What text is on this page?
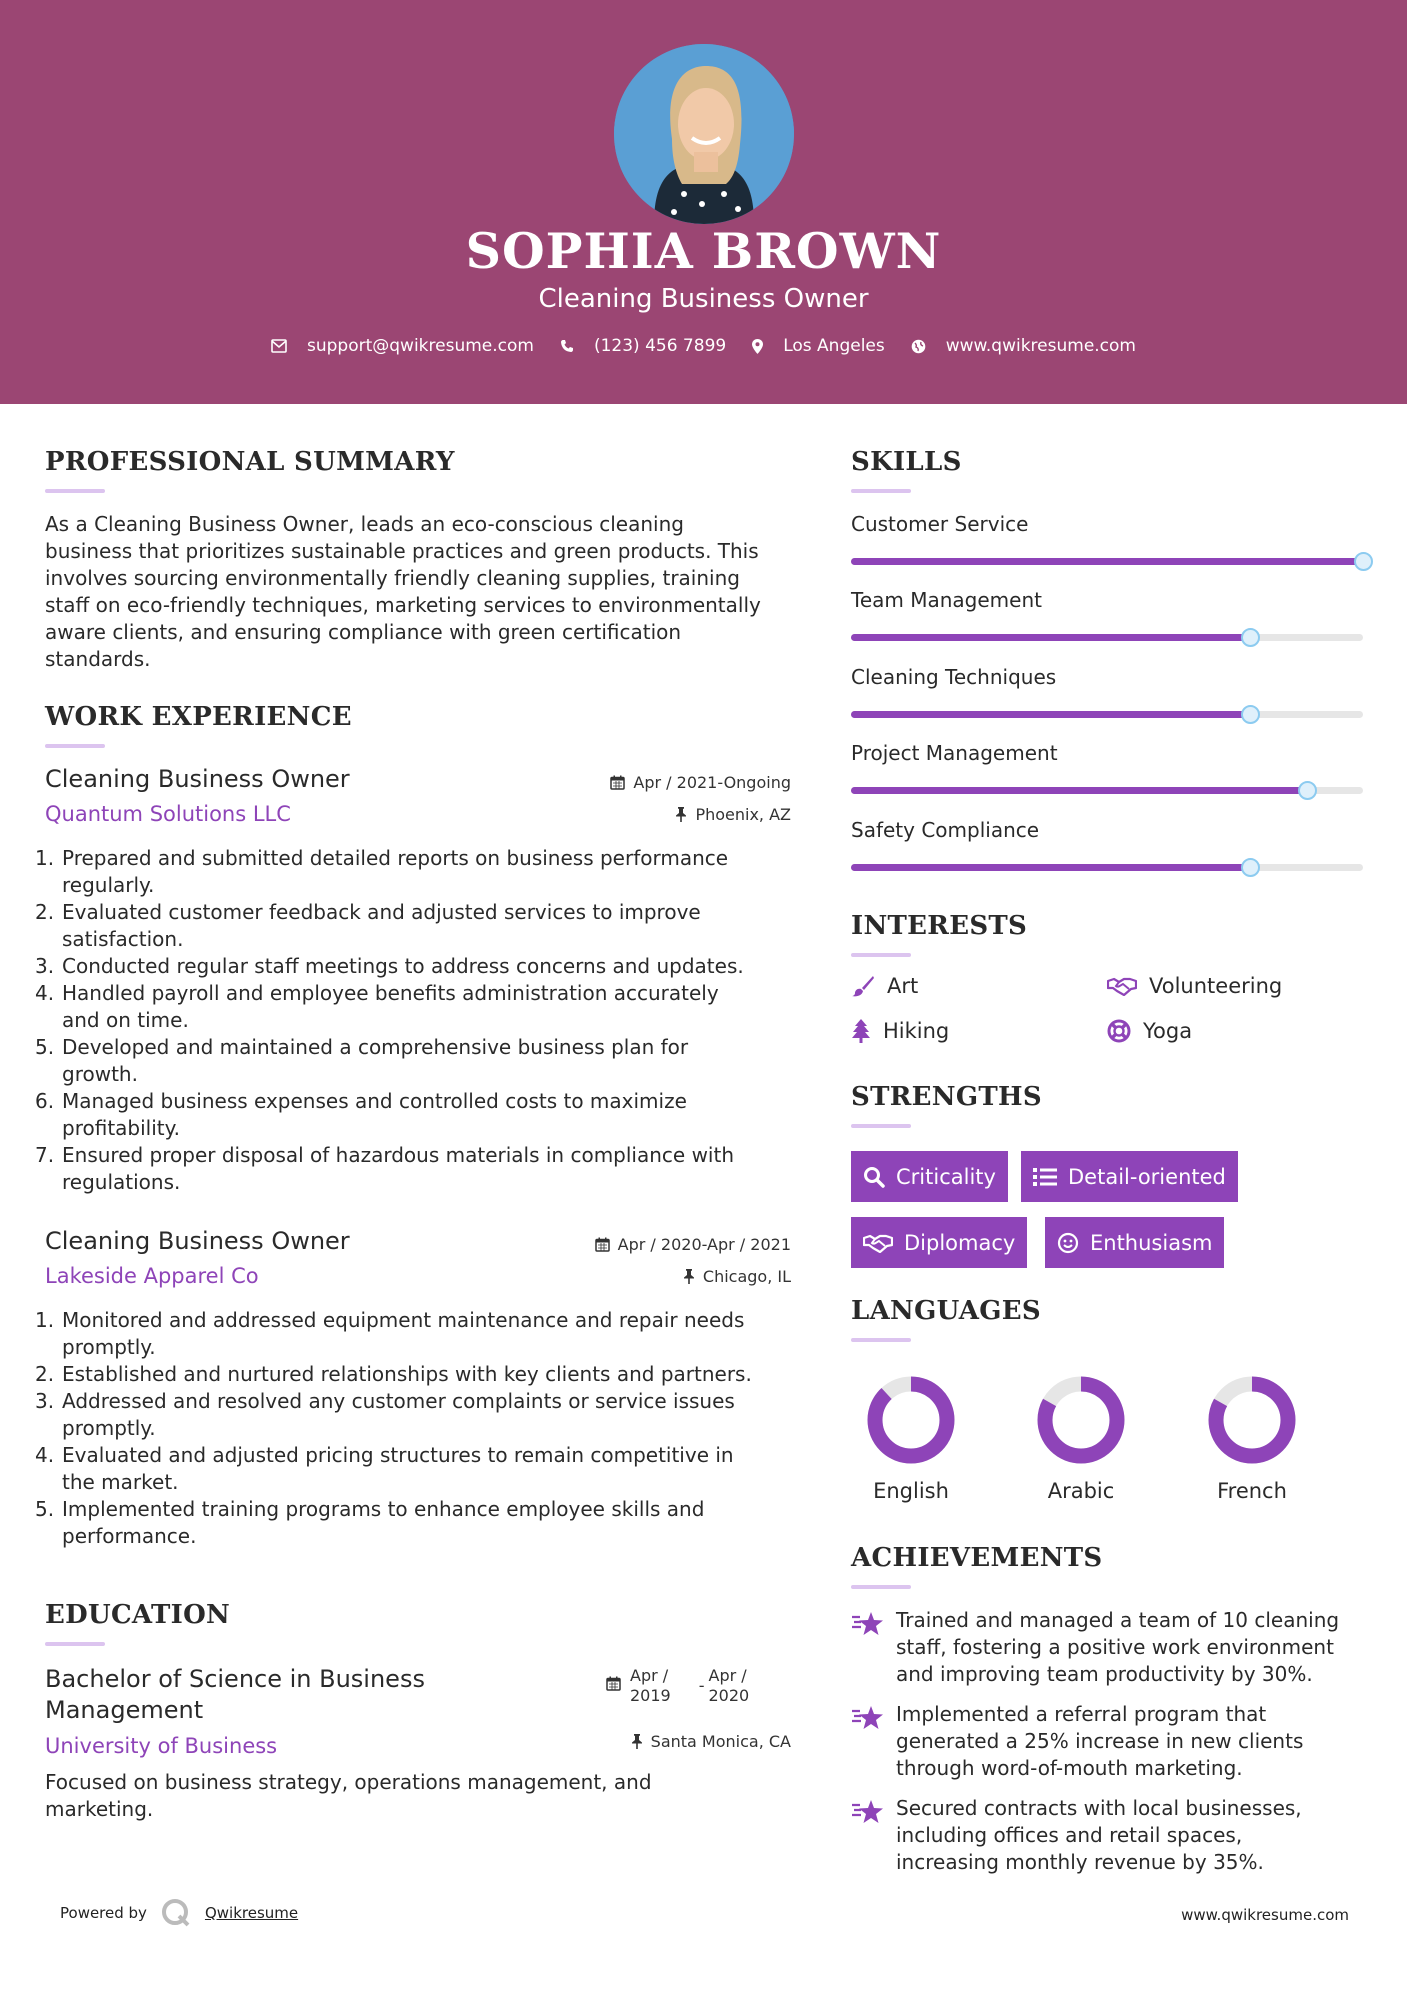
SOPHIA BROWN
Cleaning Business Owner
support@qwikresume.com	(123) 456 7899	Los Angeles	www.qwikresume.com
PROFESSIONAL SUMMARY
As a Cleaning Business Owner, leads an eco-conscious cleaning
business that prioritizes sustainable practices and green products. This
involves sourcing environmentally friendly cleaning supplies, training
staff on eco-friendly techniques, marketing services to environmentally
aware clients, and ensuring compliance with green certification
standards.
WORK EXPERIENCE
Cleaning Business Owner
Quantum Solutions LLC
Apr / 2021-Ongoing
Phoenix, AZ
1. Prepared and submitted detailed reports on business performance
regularly.
2. Evaluated customer feedback and adjusted services to improve
satisfaction.
3. Conducted regular staff meetings to address concerns and updates.
4. Handled payroll and employee benefits administration accurately
and on time.
5. Developed and maintained a comprehensive business plan for
growth.
6. Managed business expenses and controlled costs to maximize
profitability.
7. Ensured proper disposal of hazardous materials in compliance with
regulations.
Cleaning Business Owner
Lakeside Apparel Co
Apr / 2020-Apr / 2021
Chicago, IL
1. Monitored and addressed equipment maintenance and repair needs
promptly.
2. Established and nurtured relationships with key clients and partners.
3. Addressed and resolved any customer complaints or service issues
promptly.
4. Evaluated and adjusted pricing structures to remain competitive in
the market.
5. Implemented training programs to enhance employee skills and
performance.
EDUCATION
Bachelor of Science in Business
Management
University of Business
Apr /
2019
-
Apr /
2020
Santa Monica, CA
Focused on business strategy, operations management, and
marketing.
SKILLS
Customer Service
Team Management
Cleaning Techniques
Project Management
Safety Compliance
INTERESTS
Art	Volunteering
Hiking	Yoga
STRENGTHS
Criticality	Detail-oriented
Diplomacy	Enthusiasm
LANGUAGES
English	Arabic	French
ACHIEVEMENTS
Trained and managed a team of 10 cleaning
staff, fostering a positive work environment
and improving team productivity by 30%.
Implemented a referral program that
generated a 25% increase in new clients
through word-of-mouth marketing.
Secured contracts with local businesses,
including offices and retail spaces,
increasing monthly revenue by 35%.
Powered by	Qwikresume	www.qwikresume.com
